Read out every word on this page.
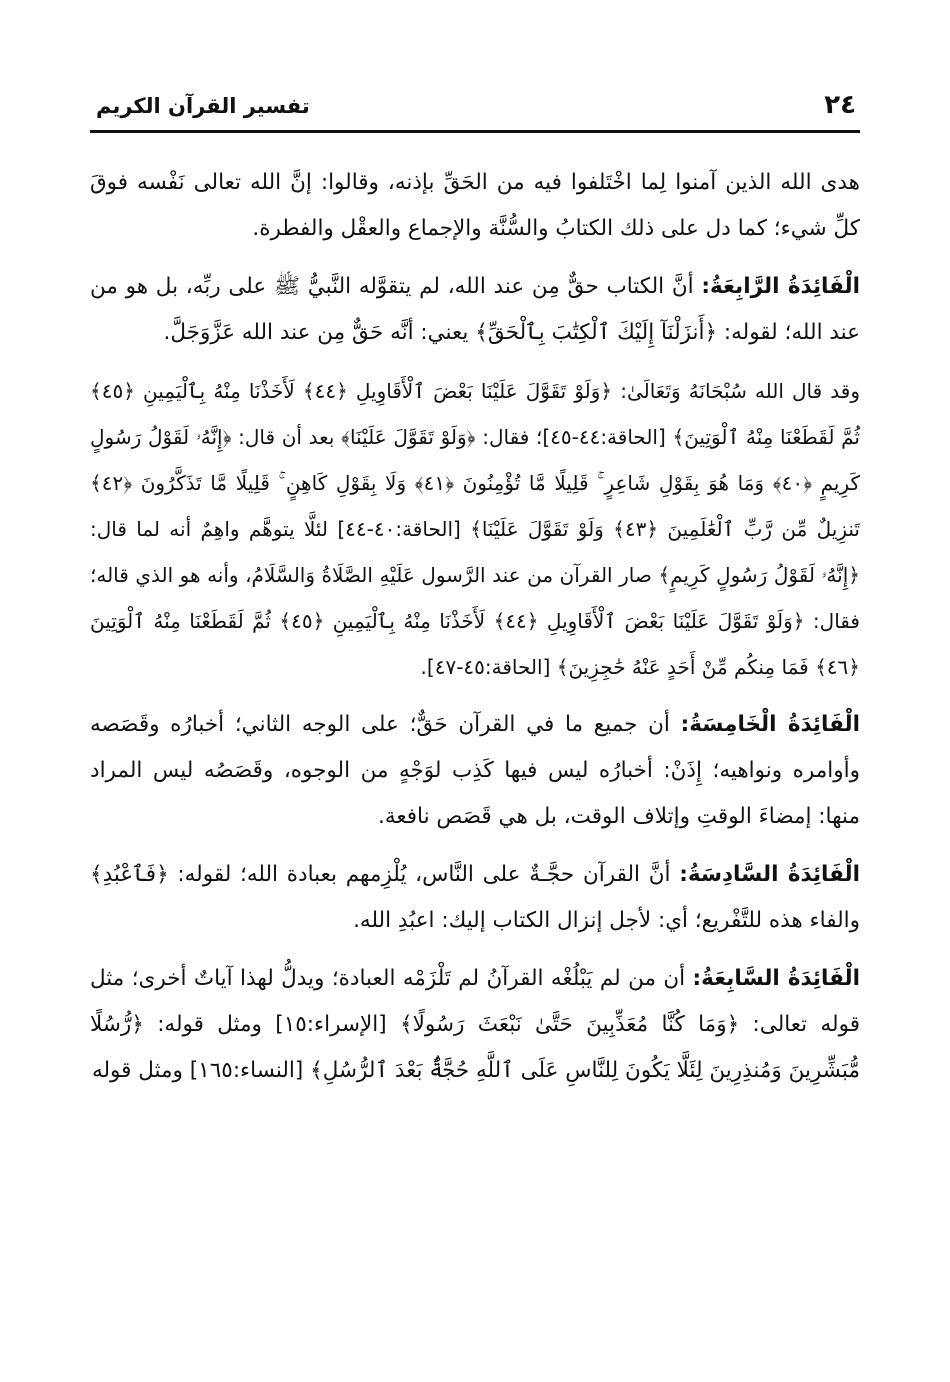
٢٤
تفسير القرآن الكريم

هدى الله الذين آمنوا لِما اخْتَلفوا فيه من الحَقِّ بإذنه، وقالوا: إنَّ الله تعالى نَفْسه فوقَ كلِّ شيء؛ كما دل على ذلك الكتابُ والسُّنَّة والإجماع والعقْل والفطرة.

الْفَائِدَةُ الرَّابِعَةُ: أنَّ الكتاب حقٌّ مِن عند الله، لم يتقوَّله النَّبيُّ ﷺ على ربِّه، بل هو من عند الله؛ لقوله: ﴿أَنزَلْنَآ إِلَيْكَ ٱلْكِتَٰبَ بِٱلْحَقِّ﴾ يعني: أنَّه حَقٌّ مِن عند الله عَزَّوَجَلَّ.

وقد قال الله سُبْحَانَهُ وَتَعَالَىٰ: ﴿وَلَوْ تَقَوَّلَ عَلَيْنَا بَعْضَ ٱلْأَقَاوِيلِ ﴿٤٤﴾ لَأَخَذْنَا مِنْهُ بِٱلْيَمِينِ ﴿٤٥﴾ ثُمَّ لَقَطَعْنَا مِنْهُ ٱلْوَتِينَ﴾ [الحاقة:٤٤-٤٥]؛ فقال: ﴿وَلَوْ تَقَوَّلَ عَلَيْنَا﴾ بعد أن قال: ﴿إِنَّهُۥ لَقَوْلُ رَسُولٍ كَرِيمٍ ﴿٤٠﴾ وَمَا هُوَ بِقَوْلِ شَاعِرٍ ۚ قَلِيلًا مَّا تُؤْمِنُونَ ﴿٤١﴾ وَلَا بِقَوْلِ كَاهِنٍ ۚ قَلِيلًا مَّا تَذَكَّرُونَ ﴿٤٢﴾ تَنزِيلٌ مِّن رَّبِّ ٱلْعَٰلَمِينَ ﴿٤٣﴾ وَلَوْ تَقَوَّلَ عَلَيْنَا﴾ [الحاقة:٤٠-٤٤] لئلَّا يتوهَّم واهِمٌ أنه لما قال: ﴿إِنَّهُۥ لَقَوْلُ رَسُولٍ كَرِيمٍ﴾ صار القرآن من عند الرَّسول عَلَيْهِ الصَّلَاةُ وَالسَّلَامُ، وأنه هو الذي قاله؛ فقال: ﴿وَلَوْ تَقَوَّلَ عَلَيْنَا بَعْضَ ٱلْأَقَاوِيلِ ﴿٤٤﴾ لَأَخَذْنَا مِنْهُ بِٱلْيَمِينِ ﴿٤٥﴾ ثُمَّ لَقَطَعْنَا مِنْهُ ٱلْوَتِينَ ﴿٤٦﴾ فَمَا مِنكُم مِّنْ أَحَدٍ عَنْهُ حَٰجِزِينَ﴾ [الحاقة:٤٥-٤٧].

الْفَائِدَةُ الْخَامِسَةُ: أن جميع ما في القرآن حَقٌّ؛ على الوجه الثاني؛ أخبارُه وقَصَصه وأوامره ونواهيه؛ إِذَنْ: أخبارُه ليس فيها كَذِب لوَجْهٍ من الوجوه، وقَصَصُه ليس المراد منها: إمضاءَ الوقتِ وإتلاف الوقت، بل هي قَصَص نافعة.

الْفَائِدَةُ السَّادِسَةُ: أنَّ القرآن حجَّـةٌ على النَّاس، يُلْزِمهم بعبادة الله؛ لقوله: ﴿فَٱعْبُدِ﴾ والفاء هذه للتَّفْريع؛ أي: لأجل إنزال الكتاب إليك: اعبُدِ الله.

الْفَائِدَةُ السَّابِعَةُ: أن من لم يَبْلُغْه القرآنُ لم تَلْزَمْه العبادة؛ ويدلُّ لهذا آياتٌ أخرى؛ مثل قوله تعالى: ﴿وَمَا كُنَّا مُعَذِّبِينَ حَتَّىٰ نَبْعَثَ رَسُولًا﴾ [الإسراء:١٥] ومثل قوله: ﴿رُّسُلًا مُّبَشِّرِينَ وَمُنذِرِينَ لِئَلَّا يَكُونَ لِلنَّاسِ عَلَى ٱللَّهِ حُجَّةٌۢ بَعْدَ ٱلرُّسُلِ﴾ [النساء:١٦٥] ومثل قوله
